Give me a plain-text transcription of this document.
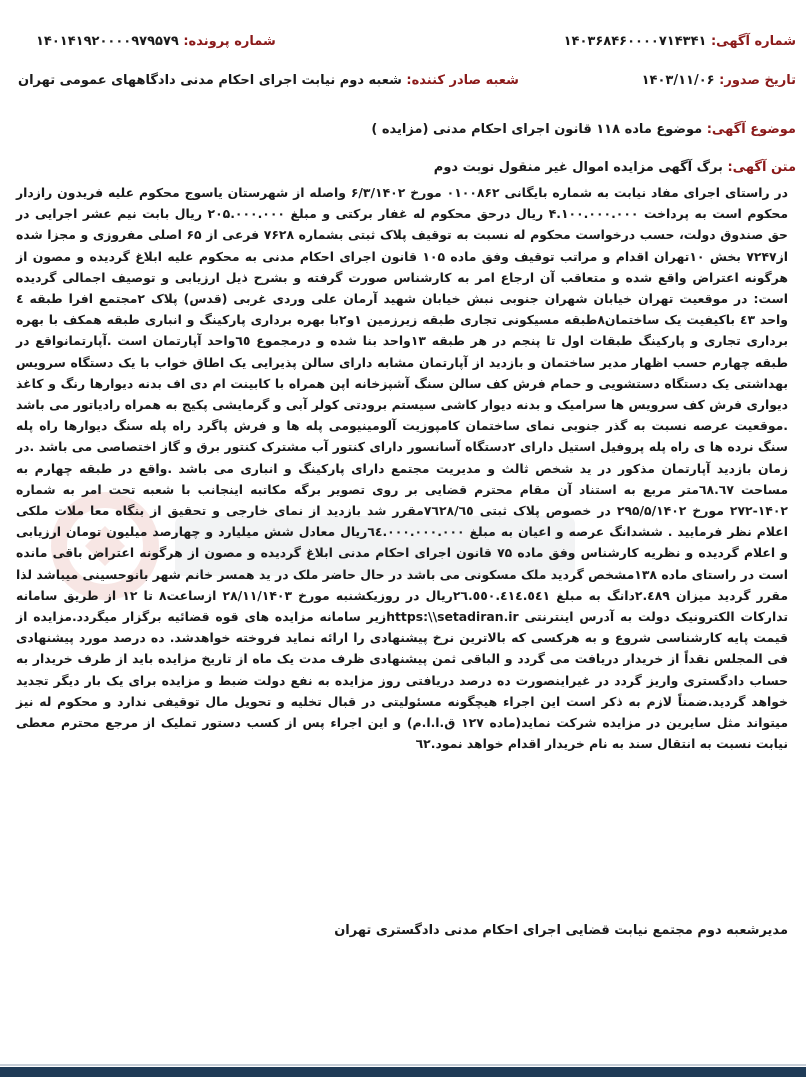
شماره آگهی: ۱۴۰۳۶۸۴۶۰۰۰۰۷۱۴۳۴۱
شماره پرونده: ۱۴۰۱۴۱۹۲۰۰۰۰۹۷۹۵۷۹
تاریخ صدور: ۱۴۰۳/۱۱/۰۶
شعبه صادر کننده: شعبه دوم نیابت اجرای احکام مدنی دادگاههای عمومی تهران
موضوع آگهی: موضوع ماده ۱۱۸ قانون اجرای احکام مدنی (مزایده )
متن آگهی: برگ آگهی مزایده اموال غیر منقول نوبت دوم
در راستای اجرای مفاد نیابت به شماره بایگانی ۰۱۰۰۸۶۲ مورخ ۶/۳/۱۴۰۲ واصله از شهرستان یاسوج محکوم علیه فریدون رازدار محکوم است به پرداخت ۴.۱۰۰.۰۰۰.۰۰۰ ریال درحق محکوم له غفار برکتی و مبلغ ۲۰۵.۰۰۰.۰۰۰ ریال بابت نیم عشر اجرایی در حق صندوق دولت، حسب درخواست محکوم له نسبت به توقیف پلاک ثبتی بشماره ۷۶۲۸ فرعی از ۶۵ اصلی مفروزی و مجزا شده از۷۲۴۷ بخش ۱۰تهران اقدام و مراتب توقیف وفق ماده ۱۰۵ قانون اجرای احکام مدنی به محکوم علیه ابلاغ گردیده و مصون از هرگونه اعتراض واقع شده و متعاقب آن ارجاع امر به کارشناس صورت گرفته و بشرح ذیل ارزیابی و توصیف اجمالی گردیده است: در موقعیت تهران خیابان شهران جنوبی نبش خیابان شهید آرمان علی وردی غربی (قدس) پلاک ۲مجتمع افرا طبقه ٤ واحد ٤٣ باکیفیت یک ساختمان۸طبقه مسیکونی تجاری طبقه زیرزمین ۱و۲با بهره برداری پارکینگ و انباری طبقه همکف با بهره برداری تجاری و پارکینگ طبقات اول تا پنجم در هر طبقه ۱۳واحد بنا شده و درمجموع ٦٥واحد آپارتمان است .آپارتمانواقع در طبقه چهارم حسب اظهار مدیر ساختمان و بازدید از آپارتمان مشابه دارای سالن پذیرایی یک اطاق خواب با یک دستگاه سرویس بهداشتی یک دستگاه دستشویی و حمام فرش کف سالن سنگ آشپزخانه اپن همراه با کابینت ام دی اف بدنه دیوارها رنگ و کاغذ دیواری فرش کف سرویس ها سرامیک و بدنه دیوار کاشی سیستم برودتی کولر آبی و گرمایشی پکیج به همراه رادیاتور می باشد .موقعیت عرصه نسبت به گذر جنوبی نمای ساختمان کامپوزیت آلومینیومی پله ها و فرش پاگرد راه پله سنگ دیوارها راه پله سنگ نرده ها ی راه پله پروفیل استیل دارای ۲دستگاه آسانسور دارای کنتور آب مشترک کنتور برق و گاز اختصاصی می باشد .در زمان بازدید آپارتمان مذکور در ید شخص ثالث و مدیریت مجتمع دارای پارکینگ و انباری می باشد .واقع در طبقه چهارم به مساحت ٦٨.٦٧متر مربع به استناد آن مقام محترم قضایی بر روی تصویر برگه مکاتبه اینجانب با شعبه تحت امر به شماره ۱۴۰۲-۲۷۲ مورخ ۲۹۵/۵/۱۴۰۲ در خصوص پلاک ثبتی ٧٦٢٨/٦٥مقرر شد بازدید از نمای خارجی و تحقیق از بنگاه معا ملات ملکی اعلام نظر فرمایید . ششدانگ عرصه و اعیان به مبلغ ٦٤.٠٠٠.٠٠٠.٠٠٠ریال معادل شش میلیارد و چهارصد میلیون تومان ارزیابی و اعلام گردیده و نظریه کارشناس وفق ماده ۷۵ قانون اجرای احکام مدنی ابلاغ گردیده و مصون از هرگونه اعتراض باقی مانده است در راستای ماده ۱۳۸مشخص گردید ملک مسکونی می باشد در حال حاضر ملک در ید همسر خانم شهر بانوحسینی میباشد لذا مقرر گردید میزان ۲.٤٨٩دانگ به مبلغ ۲٦.٥٥٠.٤١٤.٥٤١ریال در روزیکشنبه مورخ ۲۸/۱۱/۱۴۰۳ ازساعت۸ تا ۱۲ از طریق سامانه تدارکات الکترونیک دولت به آدرس اینترنتی https:\\setadiran.irزیر سامانه مزایده های قوه قضائیه برگزار میگردد.مزایده از قیمت پایه کارشناسی شروع و به هرکسی که بالاترین نرخ پیشنهادی را ارائه نماید فروخته خواهدشد. ده درصد مورد پیشنهادی فی المجلس نقداً از خریدار دریافت می گردد و الباقی ثمن پیشنهادی ظرف مدت یک ماه از تاریخ مزایده باید از طرف خریدار به حساب دادگستری واریز گردد در غیراینصورت ده درصد دریافتی روز مزایده به نفع دولت ضبط و مزایده برای یک بار دیگر تجدید خواهد گردید.ضمناً لازم به ذکر است این اجراء هیچگونه مسئولیتی در قبال تخلیه و تحویل مال توقیفی ندارد و محکوم له نیز میتواند مثل سایرین در مزایده شرکت نماید(ماده ۱۲۷ ق.ا.ا.م) و این اجراء پس از کسب دستور تملیک از مرجع محترم معطی نیابت نسبت به انتقال سند به نام خریدار اقدام خواهد نمود.٦٢
مدیرشعبه دوم مجتمع نیابت قضایی اجرای احکام مدنی دادگستری تهران
